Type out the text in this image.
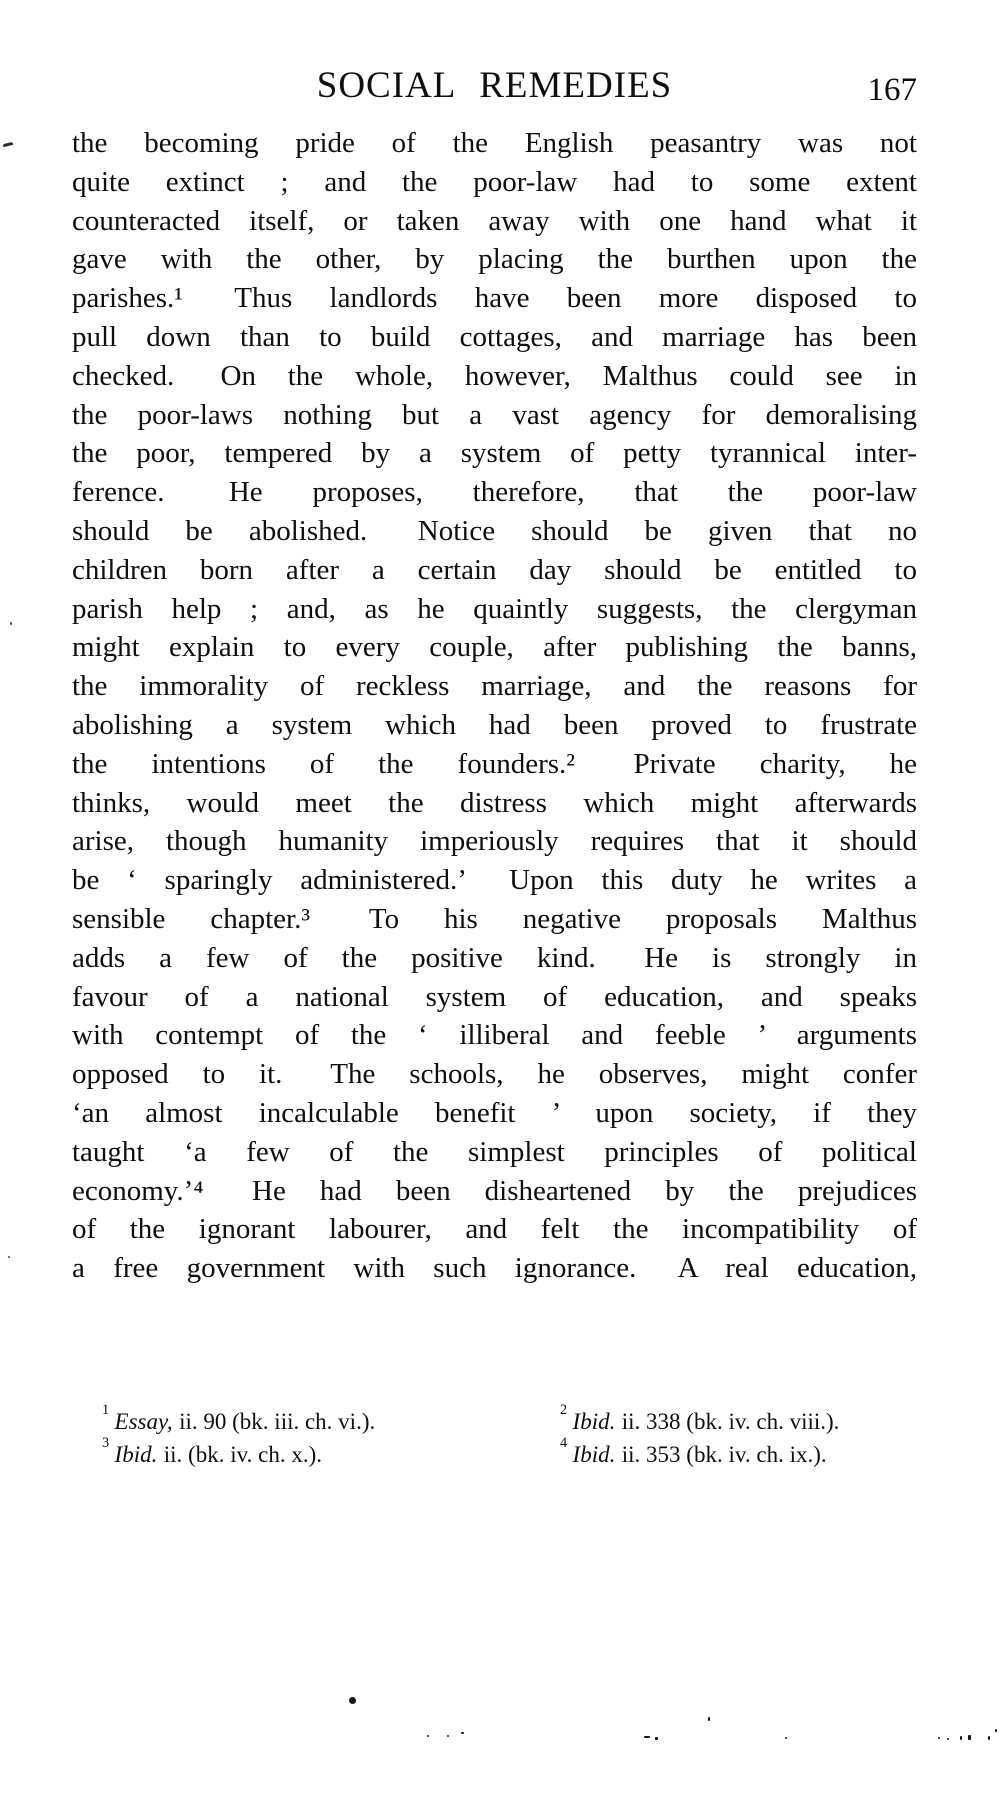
SOCIAL REMEDIES	167
the becoming pride of the English peasantry was not
quite extinct ; and the poor-law had to some extent
counteracted itself, or taken away with one hand what it
gave with the other, by placing the burthen upon the
parishes.¹  Thus landlords have been more disposed to
pull down than to build cottages, and marriage has been
checked.  On the whole, however, Malthus could see in
the poor-laws nothing but a vast agency for demoralising
the poor, tempered by a system of petty tyrannical inter-
ference.  He proposes, therefore, that the poor-law
should be abolished.  Notice should be given that no
children born after a certain day should be entitled to
parish help ; and, as he quaintly suggests, the clergyman
might explain to every couple, after publishing the banns,
the immorality of reckless marriage, and the reasons for
abolishing a system which had been proved to frustrate
the intentions of the founders.²  Private charity, he
thinks, would meet the distress which might afterwards
arise, though humanity imperiously requires that it should
be ‘ sparingly administered.’  Upon this duty he writes a
sensible chapter.³  To his negative proposals Malthus
adds a few of the positive kind.  He is strongly in
favour of a national system of education, and speaks
with contempt of the ‘ illiberal and feeble ’ arguments
opposed to it.  The schools, he observes, might confer
‘an almost incalculable benefit ’ upon society, if they
taught ‘a few of the simplest principles of political
economy.’⁴  He had been disheartened by the prejudices
of the ignorant labourer, and felt the incompatibility of
a free government with such ignorance.  A real education,
$^1$ Essay, ii. 90 (bk. iii. ch. vi.).
$^3$ Ibid. ii. (bk. iv. ch. x.).
$^2$ Ibid. ii. 338 (bk. iv. ch. viii.).
$^4$ Ibid. ii. 353 (bk. iv. ch. ix.).
